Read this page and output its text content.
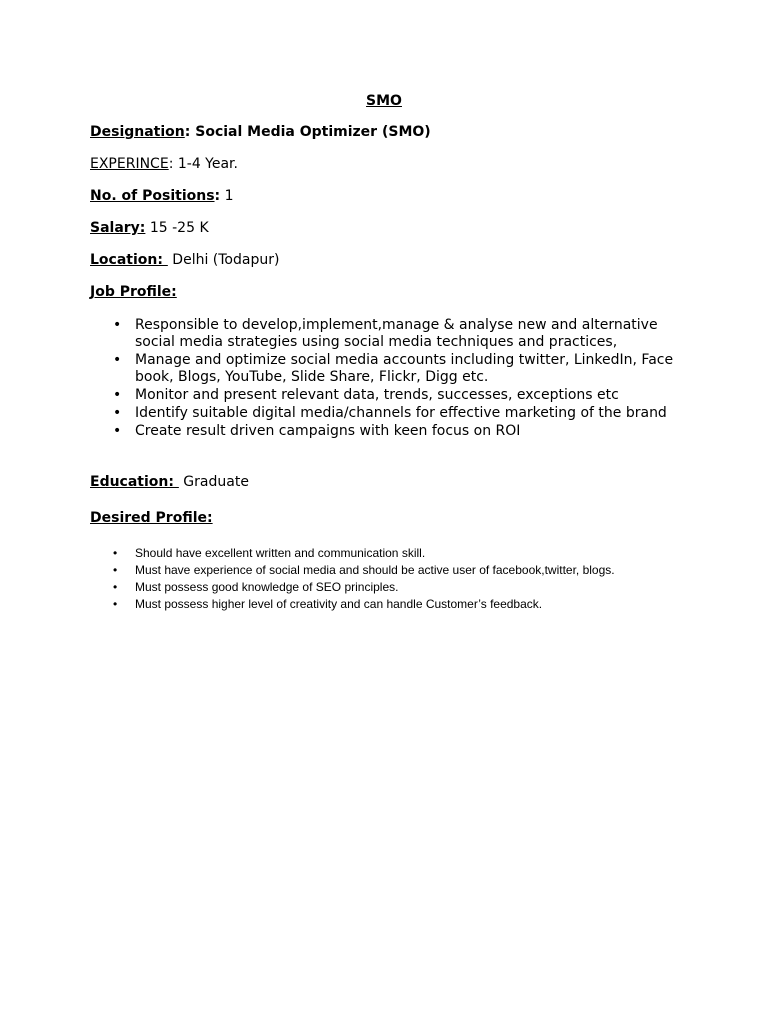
SMO
Designation: Social Media Optimizer (SMO)
EXPERINCE: 1-4 Year.
No. of Positions: 1
Salary: 15 -25 K
Location:  Delhi (Todapur)
Job Profile:
• Responsible to develop,implement,manage & analyse new and alternative social media strategies using social media techniques and practices,
• Manage and optimize social media accounts including twitter, LinkedIn, Face book, Blogs, YouTube, Slide Share, Flickr, Digg etc.
• Monitor and present relevant data, trends, successes, exceptions etc
• Identify suitable digital media/channels for effective marketing of the brand
• Create result driven campaigns with keen focus on ROI
Education:  Graduate
Desired Profile:
• Should have excellent written and communication skill.
• Must have experience of social media and should be active user of facebook,twitter, blogs.
• Must possess good knowledge of SEO principles.
• Must possess higher level of creativity and can handle Customer’s feedback.
